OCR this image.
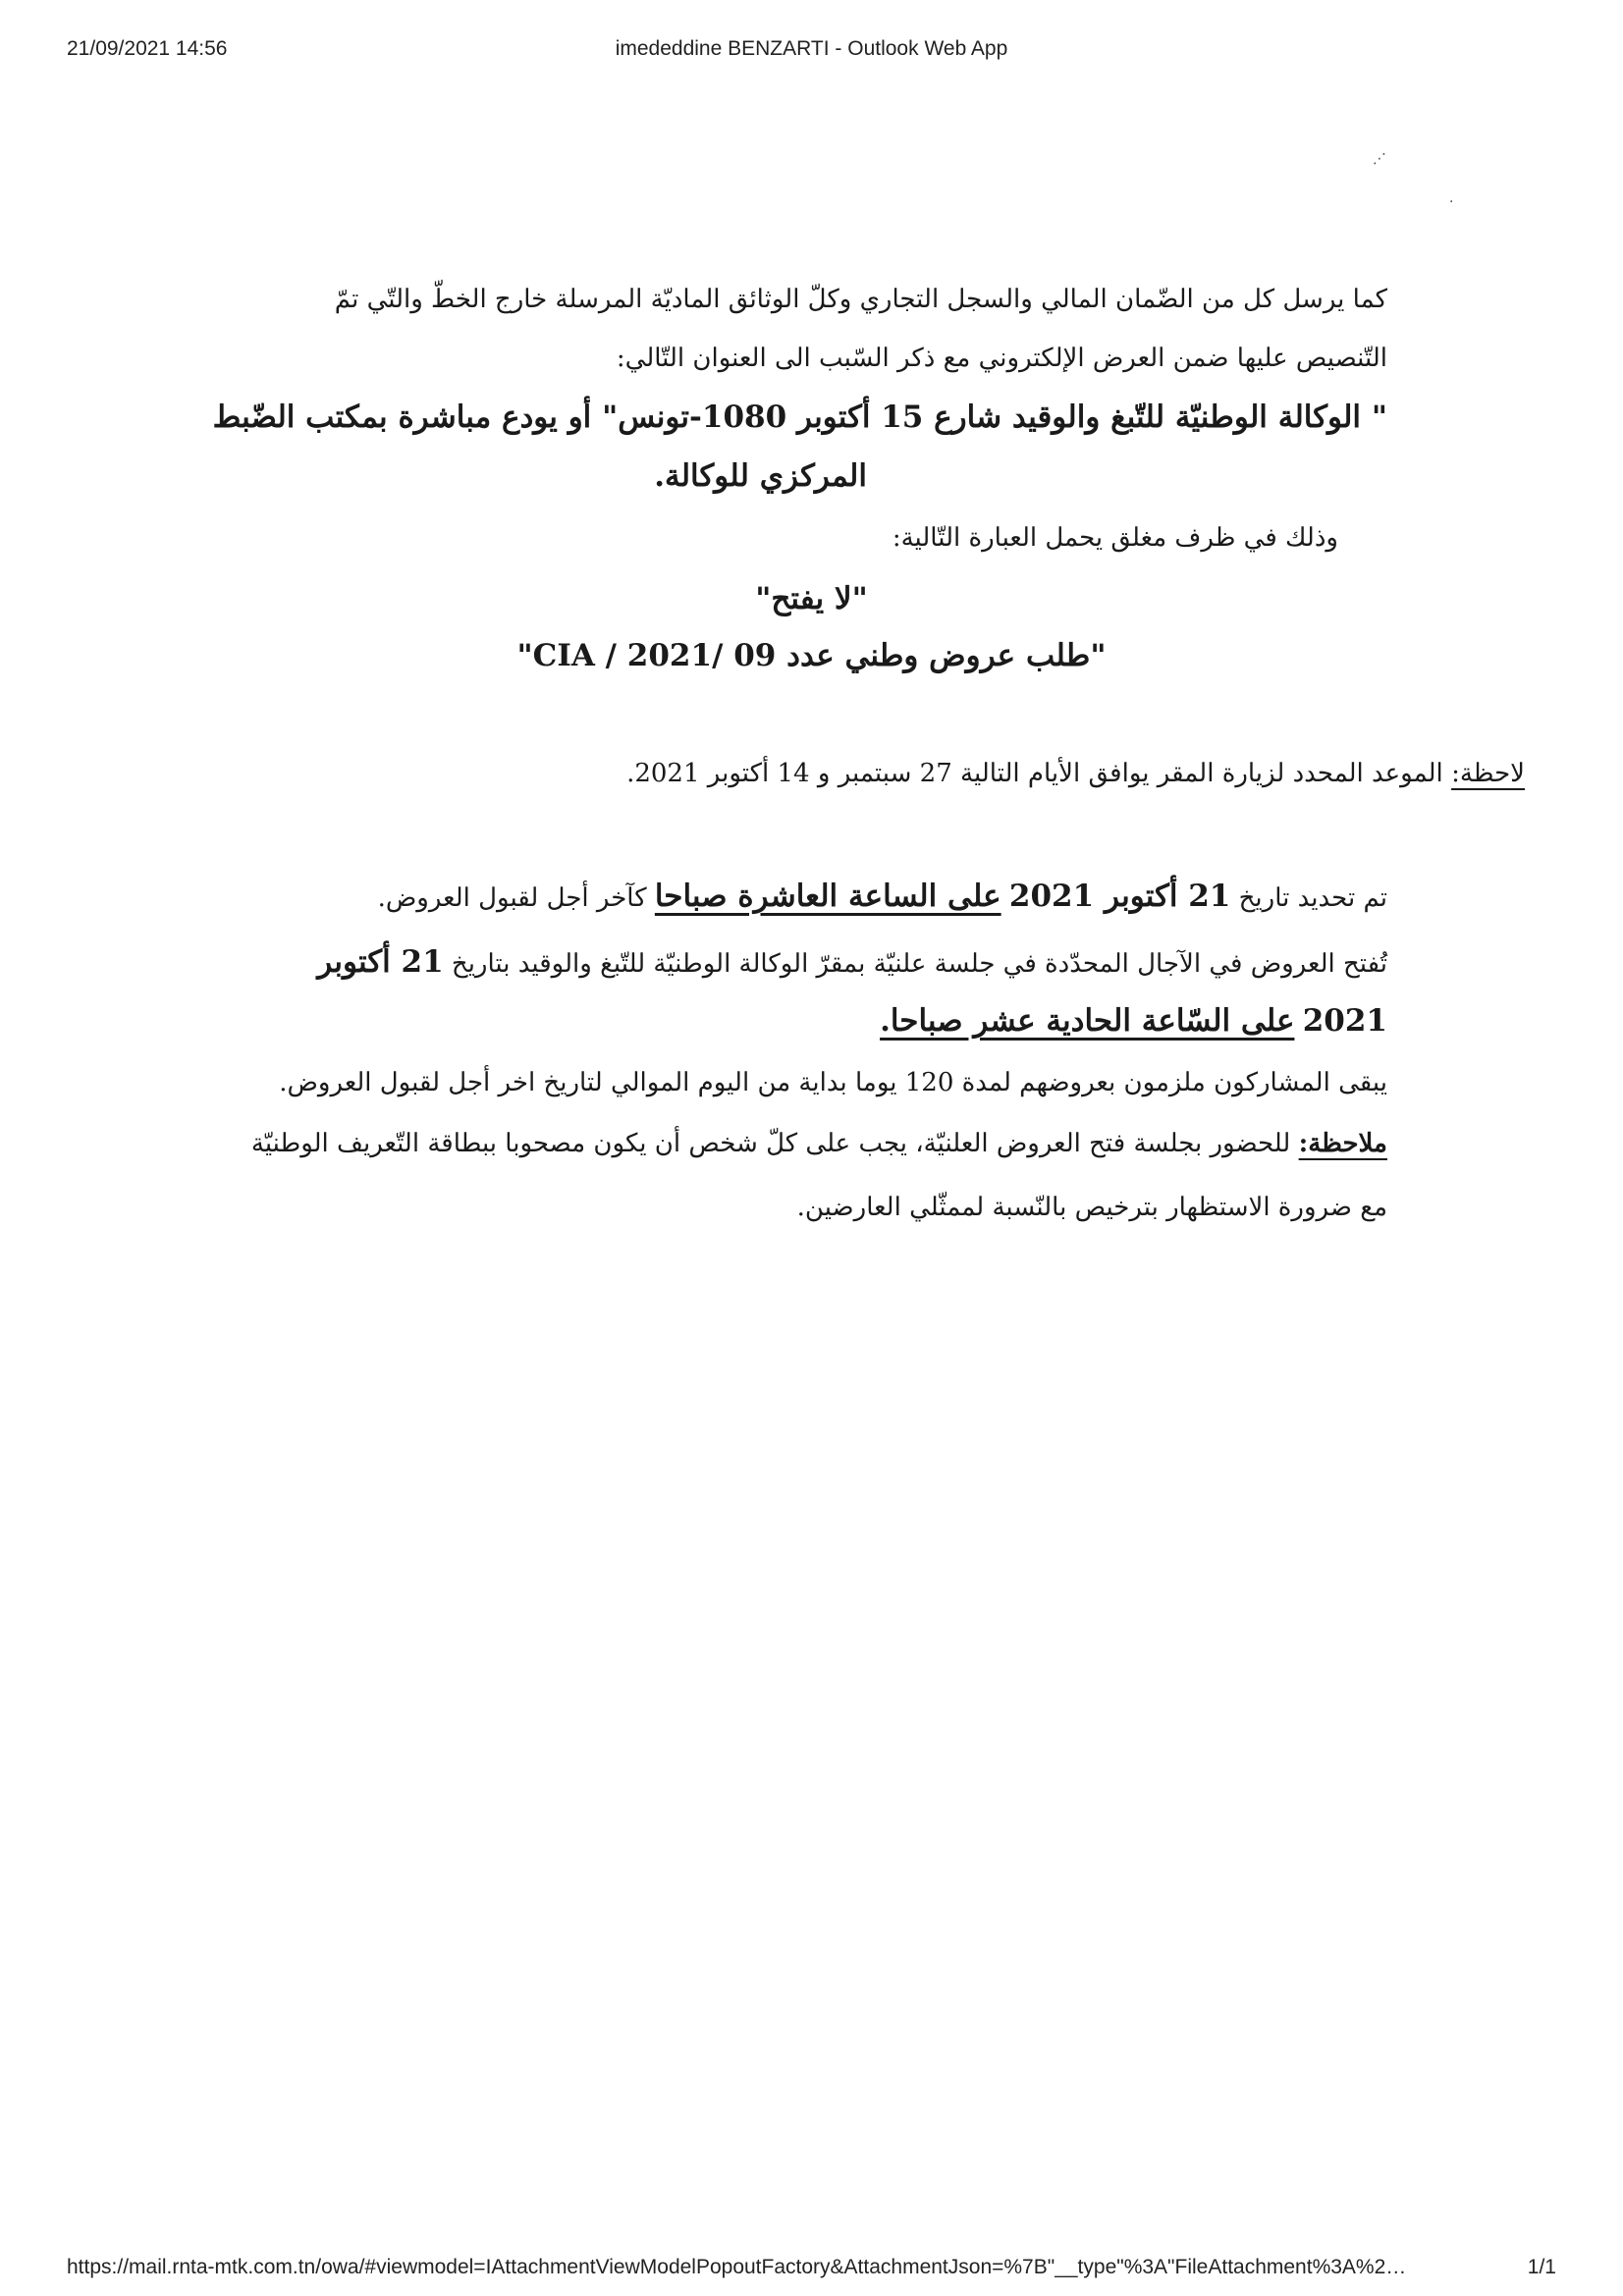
21/09/2021 14:56	imededdine BENZARTI - Outlook Web App
⋰
·
كما يرسل كل من الضّمان المالي والسجل التجاري وكلّ الوثائق الماديّة المرسلة خارج الخطّ والتّي تمّ
التّنصيص عليها ضمن العرض الإلكتروني مع ذكر السّبب الى العنوان التّالي:
" الوكالة الوطنيّة للتّبغ والوقيد شارع 15 أكتوبر 1080-تونس" أو يودع مباشرة بمكتب الضّبط
المركزي للوكالة.
وذلك في ظرف مغلق يحمل العبارة التّالية:
"لا يفتح"
"طلب عروض وطني عدد 09 /CIA / 2021"
لاحظة: الموعد المحدد لزيارة المقر يوافق الأيام التالية 27 سبتمبر و 14 أكتوبر 2021.
تم تحديد تاريخ 21 أكتوبر 2021 على الساعة العاشرة صباحا كآخر أجل لقبول العروض.
تُفتح العروض في الآجال المحدّدة في جلسة علنيّة بمقرّ الوكالة الوطنيّة للتّبغ والوقيد بتاريخ 21 أكتوبر
2021 على السّاعة الحادية عشر صباحا.
يبقى المشاركون ملزمون بعروضهم لمدة 120 يوما بداية من اليوم الموالي لتاريخ اخر أجل لقبول العروض.
ملاحظة: للحضور بجلسة فتح العروض العلنيّة، يجب على كلّ شخص أن يكون مصحوبا ببطاقة التّعريف الوطنيّة
مع ضرورة الاستظهار بترخيص بالنّسبة لممثّلي العارضين.
https://mail.rnta-mtk.com.tn/owa/#viewmodel=IAttachmentViewModelPopoutFactory&AttachmentJson=%7B"__type"%3A"FileAttachment%3A%2…	1/1
